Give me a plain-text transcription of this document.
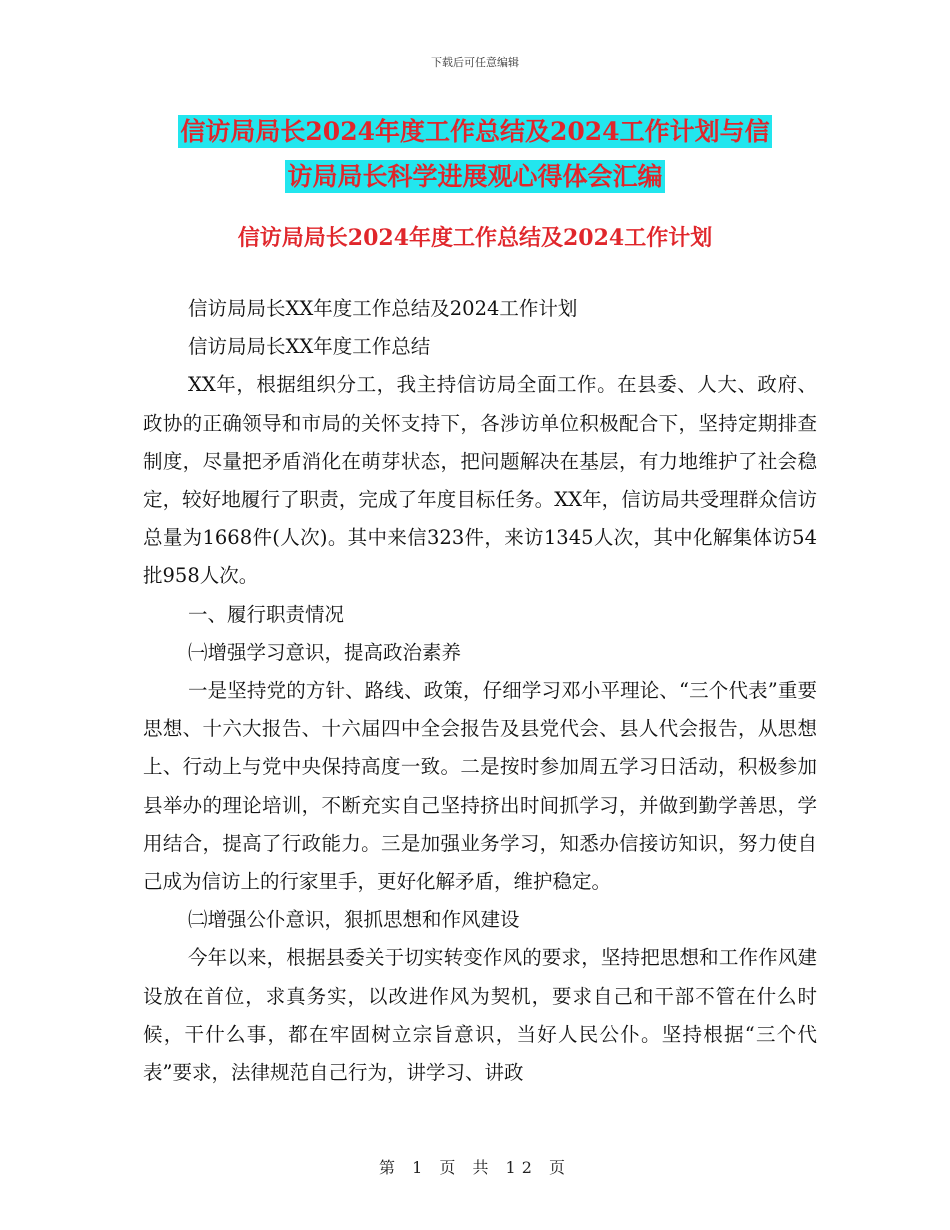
下载后可任意编辑
信访局局长2024年度工作总结及2024工作计划与信
访局局长科学进展观心得体会汇编
信访局局长2024年度工作总结及2024工作计划

信访局局长XX年度工作总结及2024工作计划

信访局局长XX年度工作总结

XX年，根据组织分工，我主持信访局全面工作。在县委、人大、政府、政协的正确领导和市局的关怀支持下，各涉访单位积极配合下，坚持定期排查制度，尽量把矛盾消化在萌芽状态，把问题解决在基层，有力地维护了社会稳定，较好地履行了职责，完成了年度目标任务。XX年，信访局共受理群众信访总量为1668件(人次)。其中来信323件，来访1345人次，其中化解集体访54批958人次。

一、履行职责情况

㈠增强学习意识，提高政治素养

一是坚持党的方针、路线、政策，仔细学习邓小平理论、“三个代表”重要思想、十六大报告、十六届四中全会报告及县党代会、县人代会报告，从思想上、行动上与党中央保持高度一致。二是按时参加周五学习日活动，积极参加县举办的理论培训，不断充实自己坚持挤出时间抓学习，并做到勤学善思，学用结合，提高了行政能力。三是加强业务学习，知悉办信接访知识，努力使自己成为信访上的行家里手，更好化解矛盾，维护稳定。

㈡增强公仆意识，狠抓思想和作风建设

今年以来，根据县委关于切实转变作风的要求，坚持把思想和工作作风建设放在首位，求真务实，以改进作风为契机，要求自己和干部不管在什么时候，干什么事，都在牢固树立宗旨意识，当好人民公仆。坚持根据“三个代表”要求，法律规范自己行为，讲学习、讲政

第 1 页 共 12 页
